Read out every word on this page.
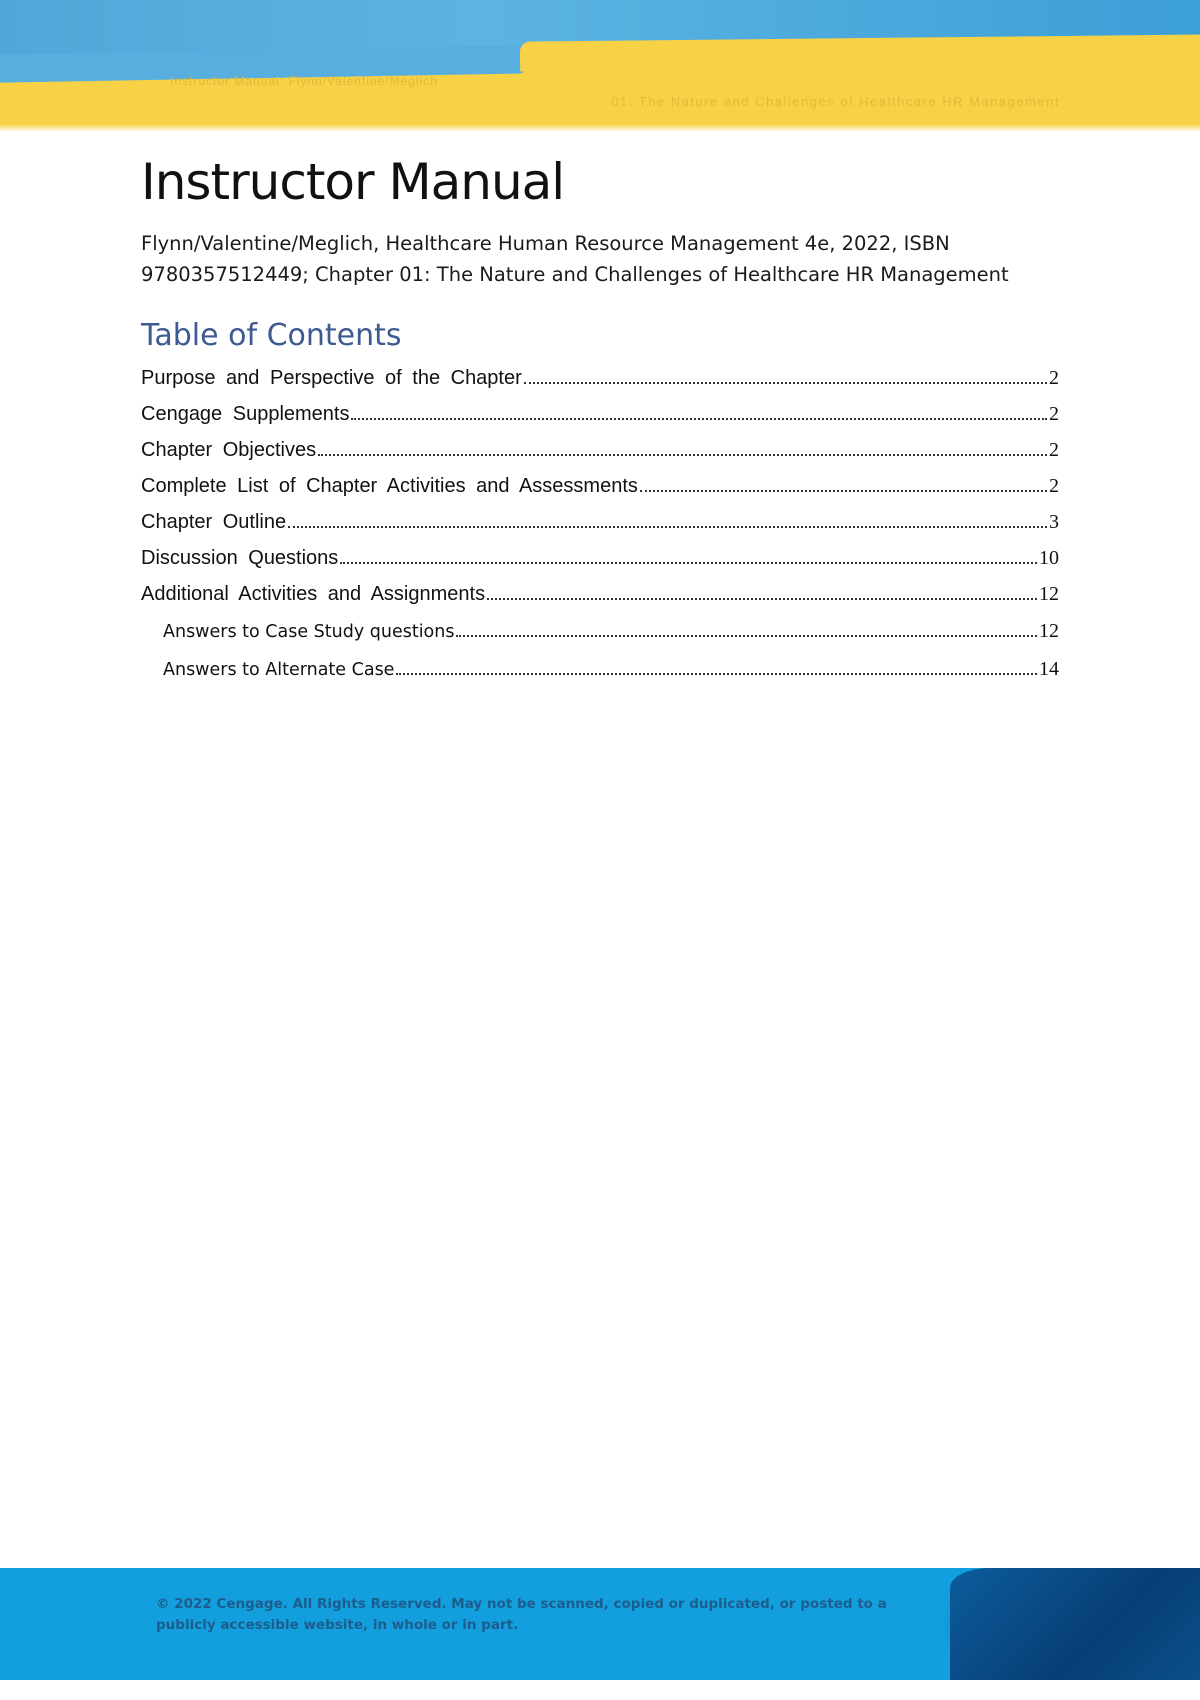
Instructor Manual: Flynn/Valentine/Meglich
01: The Nature and Challenges of Healthcare HR Management
Instructor Manual
Flynn/Valentine/Meglich, Healthcare Human Resource Management 4e, 2022, ISBN 9780357512449; Chapter 01: The Nature and Challenges of Healthcare HR Management
Table of Contents
Purpose and Perspective of the Chapter	2
Cengage Supplements	2
Chapter Objectives	2
Complete List of Chapter Activities and Assessments	2
Chapter Outline	3
Discussion Questions	10
Additional Activities and Assignments	12
Answers to Case Study questions	12
Answers to Alternate Case	14
© 2022 Cengage. All Rights Reserved. May not be scanned, copied or duplicated, or posted to a publicly accessible website, in whole or in part.
1
